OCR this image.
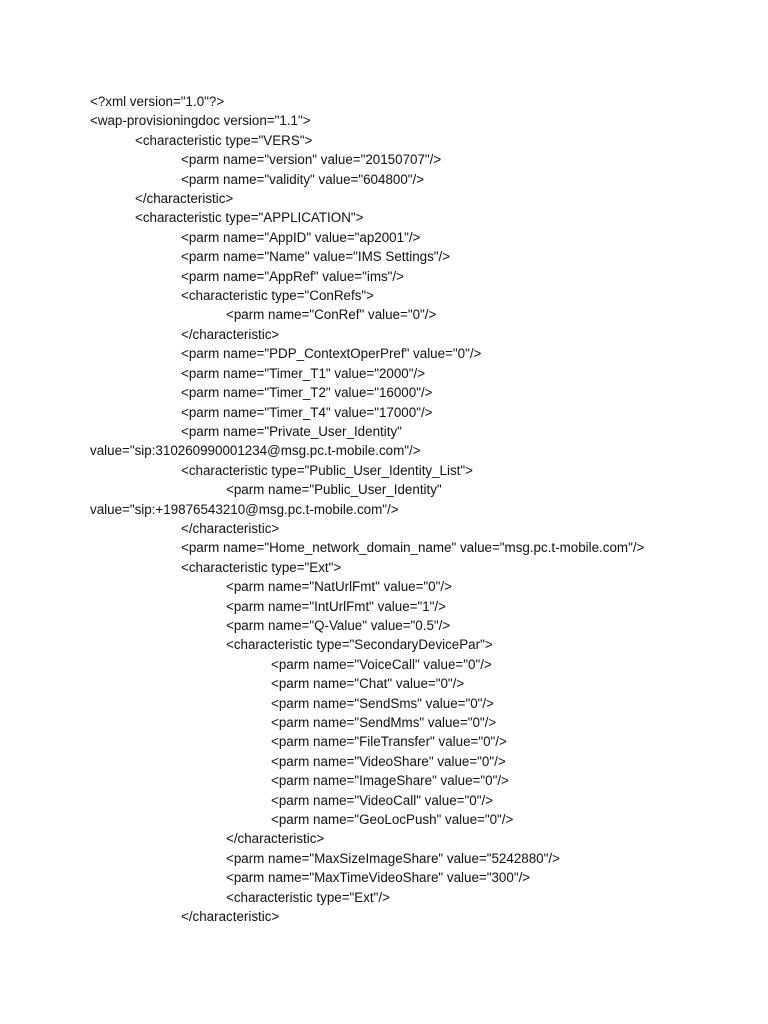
<?xml version="1.0"?>
<wap-provisioningdoc version="1.1">
<characteristic type="VERS">
<parm name="version" value="20150707"/>
<parm name="validity" value="604800"/>
</characteristic>
<characteristic type="APPLICATION">
<parm name="AppID" value="ap2001"/>
<parm name="Name" value="IMS Settings"/>
<parm name="AppRef" value="ims"/>
<characteristic type="ConRefs">
<parm name="ConRef" value="0"/>
</characteristic>
<parm name="PDP_ContextOperPref" value="0"/>
<parm name="Timer_T1" value="2000"/>
<parm name="Timer_T2" value="16000"/>
<parm name="Timer_T4" value="17000"/>
<parm name="Private_User_Identity"
value="sip:310260990001234@msg.pc.t-mobile.com"/>
<characteristic type="Public_User_Identity_List">
<parm name="Public_User_Identity"
value="sip:+19876543210@msg.pc.t-mobile.com"/>
</characteristic>
<parm name="Home_network_domain_name" value="msg.pc.t-mobile.com"/>
<characteristic type="Ext">
<parm name="NatUrlFmt" value="0"/>
<parm name="IntUrlFmt" value="1"/>
<parm name="Q-Value" value="0.5"/>
<characteristic type="SecondaryDevicePar">
<parm name="VoiceCall" value="0"/>
<parm name="Chat" value="0"/>
<parm name="SendSms" value="0"/>
<parm name="SendMms" value="0"/>
<parm name="FileTransfer" value="0"/>
<parm name="VideoShare" value="0"/>
<parm name="ImageShare" value="0"/>
<parm name="VideoCall" value="0"/>
<parm name="GeoLocPush" value="0"/>
</characteristic>
<parm name="MaxSizeImageShare" value="5242880"/>
<parm name="MaxTimeVideoShare" value="300"/>
<characteristic type="Ext"/>
</characteristic>
